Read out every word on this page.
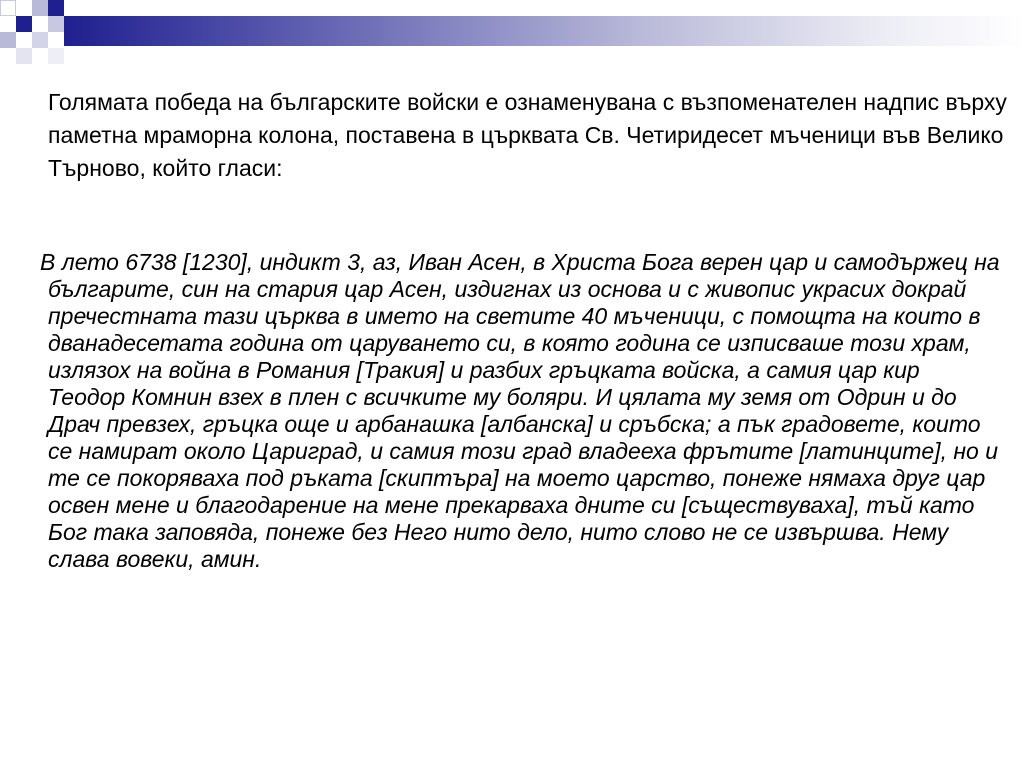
Голямата победа на българските войски е ознаменувана с възпоменателен надпис върху паметна мраморна колона, поставена в църквата Св. Четиридесет мъченици във Велико Търново, който гласи:

В лето 6738 [1230], индикт 3, аз, Иван Асен, в Христа Бога верен цар и самодържец на българите, син на стария цар Асен, издигнах из основа и с живопис украсих докрай пречестната тази църква в името на светите 40 мъченици, с помощта на които в дванадесетата година от царуването си, в която година се изписваше този храм, излязох на война в Романия [Тракия] и разбих гръцката войска, а самия цар кир Теодор Комнин взех в плен с всичките му боляри. И цялата му земя от Одрин и до Драч превзех, гръцка още и арбанашка [албанска] и сръбска; а пък градовете, които се намират около Цариград, и самия този град владееха фрътите [латинците], но и те се покоряваха под ръката [скиптъра] на моето царство, понеже нямаха друг цар освен мене и благодарение на мене прекарваха дните си [съществуваха], тъй като Бог така заповяда, понеже без Него нито дело, нито слово не се извършва. Нему слава вовеки, амин.
